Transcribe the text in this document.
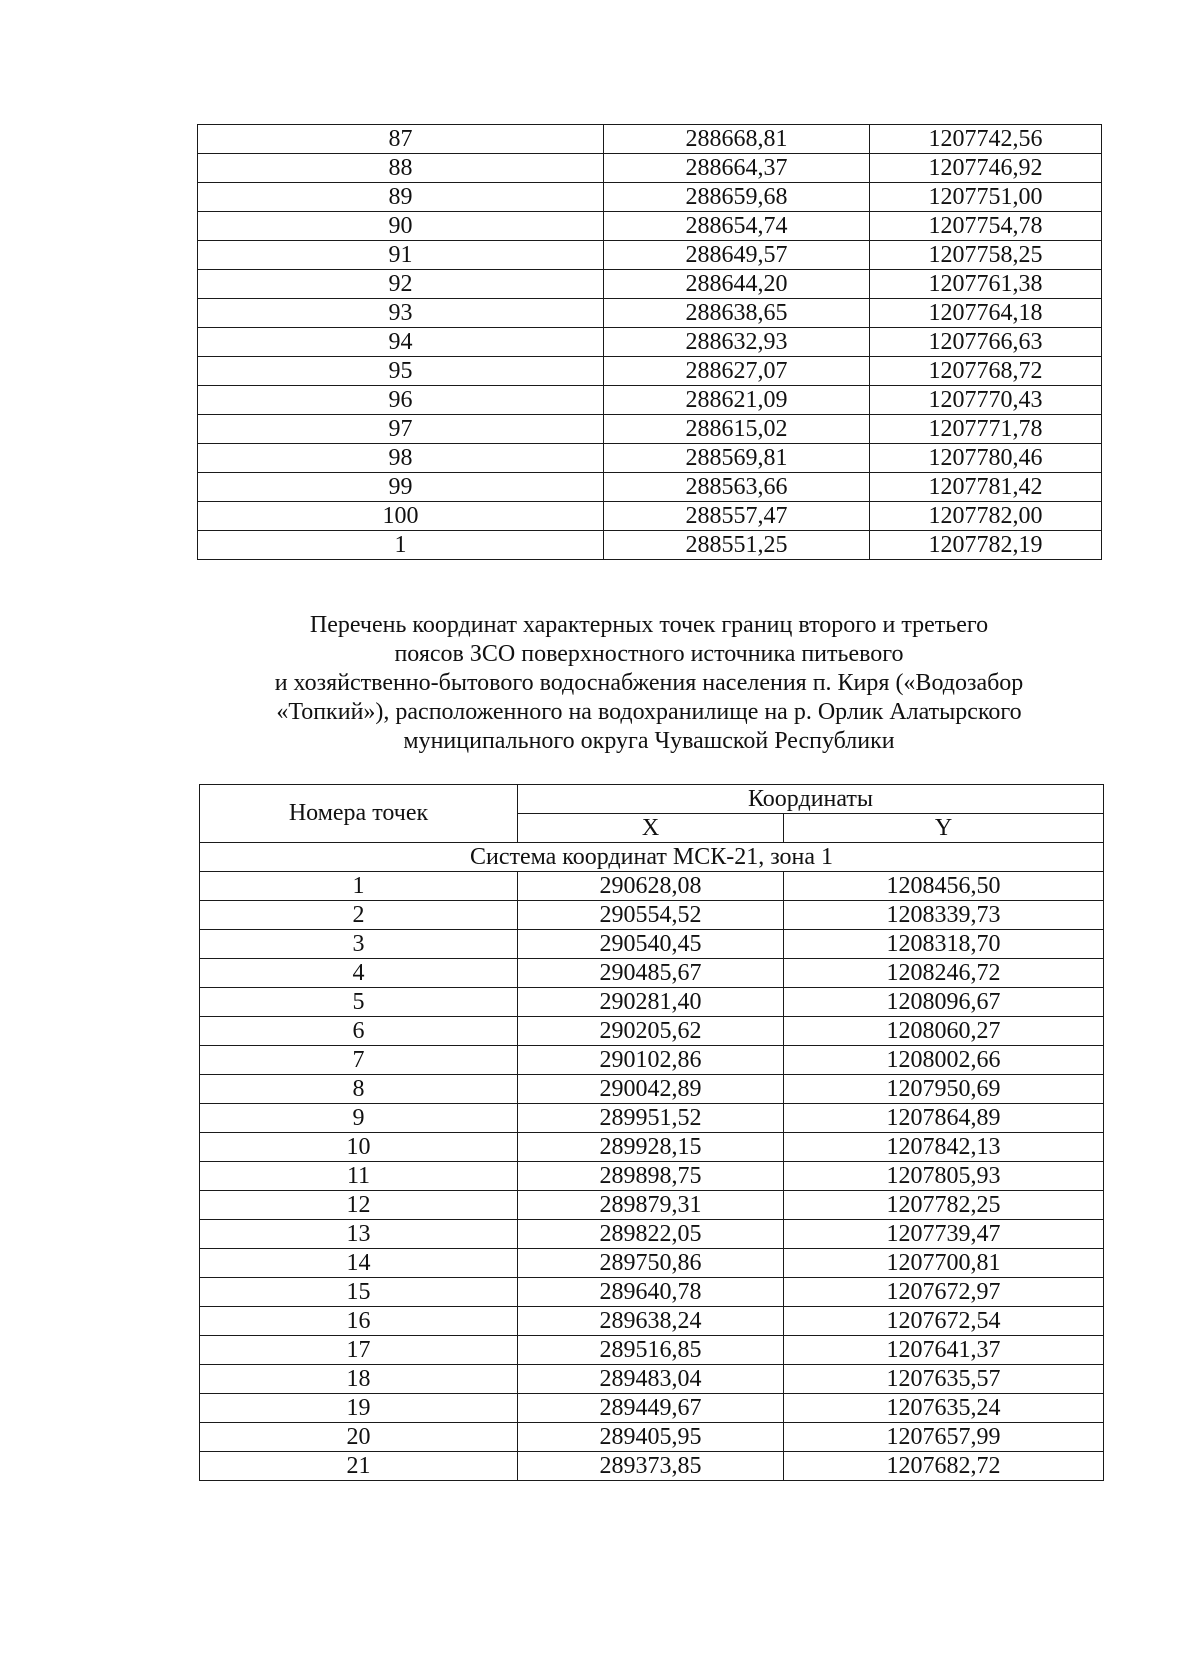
87	288668,81	1207742,56
88	288664,37	1207746,92
89	288659,68	1207751,00
90	288654,74	1207754,78
91	288649,57	1207758,25
92	288644,20	1207761,38
93	288638,65	1207764,18
94	288632,93	1207766,63
95	288627,07	1207768,72
96	288621,09	1207770,43
97	288615,02	1207771,78
98	288569,81	1207780,46
99	288563,66	1207781,42
100	288557,47	1207782,00
1	288551,25	1207782,19
Перечень координат характерных точек границ второго и третьего
поясов ЗСО поверхностного источника питьевого
и хозяйственно-бытового водоснабжения населения п. Киря («Водозабор
«Топкий»), расположенного на водохранилище на р. Орлик Алатырского
муниципального округа Чувашской Республики
Номера точек	Координаты	
	X	Y
Система координат МСК-21, зона 1		
1	290628,08	1208456,50
2	290554,52	1208339,73
3	290540,45	1208318,70
4	290485,67	1208246,72
5	290281,40	1208096,67
6	290205,62	1208060,27
7	290102,86	1208002,66
8	290042,89	1207950,69
9	289951,52	1207864,89
10	289928,15	1207842,13
11	289898,75	1207805,93
12	289879,31	1207782,25
13	289822,05	1207739,47
14	289750,86	1207700,81
15	289640,78	1207672,97
16	289638,24	1207672,54
17	289516,85	1207641,37
18	289483,04	1207635,57
19	289449,67	1207635,24
20	289405,95	1207657,99
21	289373,85	1207682,72
